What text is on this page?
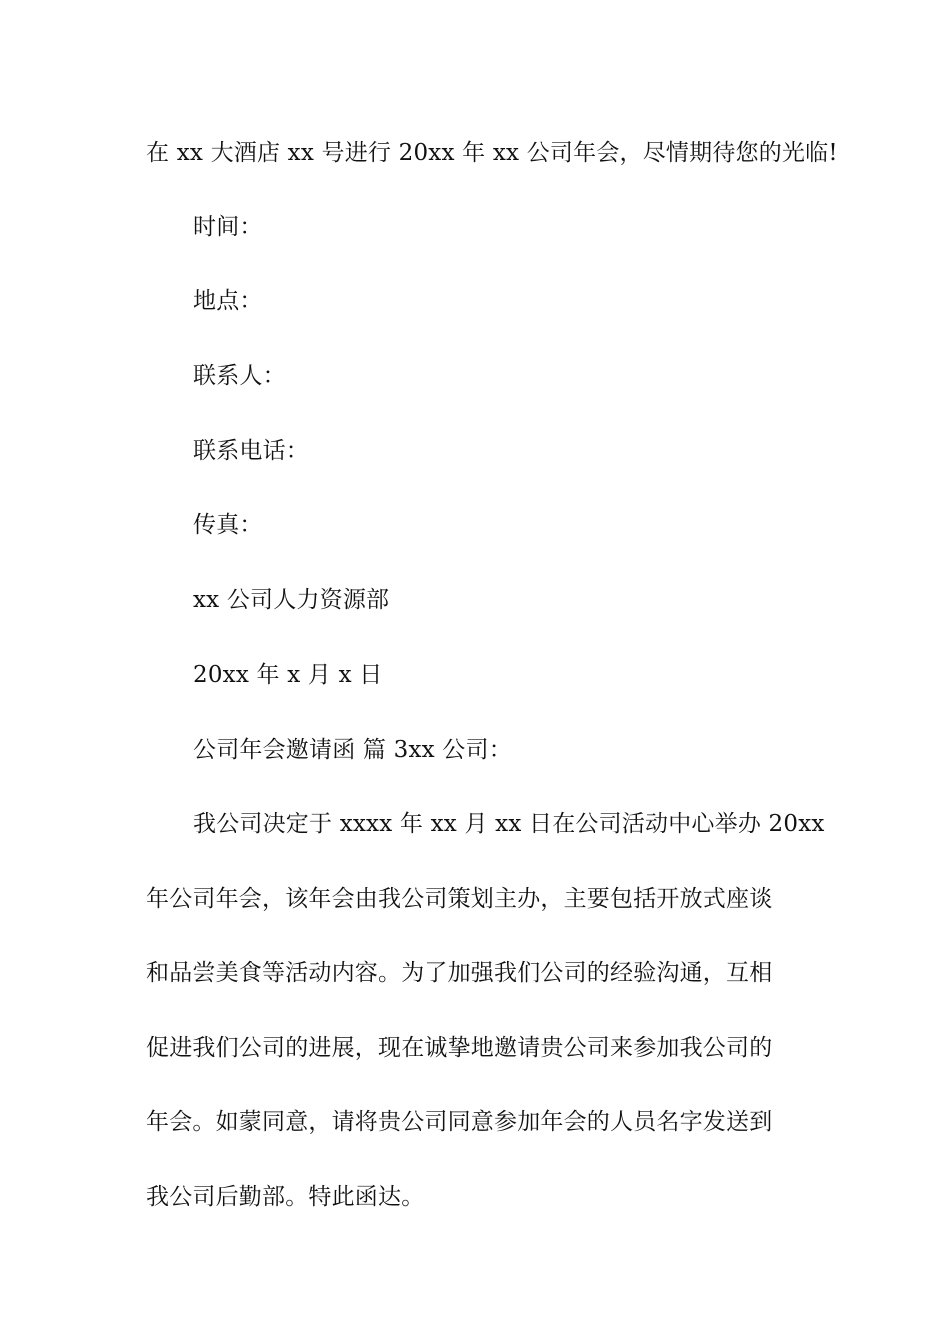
在 xx 大酒店 xx 号进行 20xx 年 xx 公司年会，尽情期待您的光临!
时间：
地点：
联系人：
联系电话：
传真：
xx 公司人力资源部
20xx 年 x 月 x 日
公司年会邀请函 篇 3xx 公司：
我公司决定于 xxxx 年 xx 月 xx 日在公司活动中心举办 20xx
年公司年会，该年会由我公司策划主办，主要包括开放式座谈
和品尝美食等活动内容。为了加强我们公司的经验沟通，互相
促进我们公司的进展，现在诚挚地邀请贵公司来参加我公司的
年会。如蒙同意，请将贵公司同意参加年会的人员名字发送到
我公司后勤部。特此函达。
